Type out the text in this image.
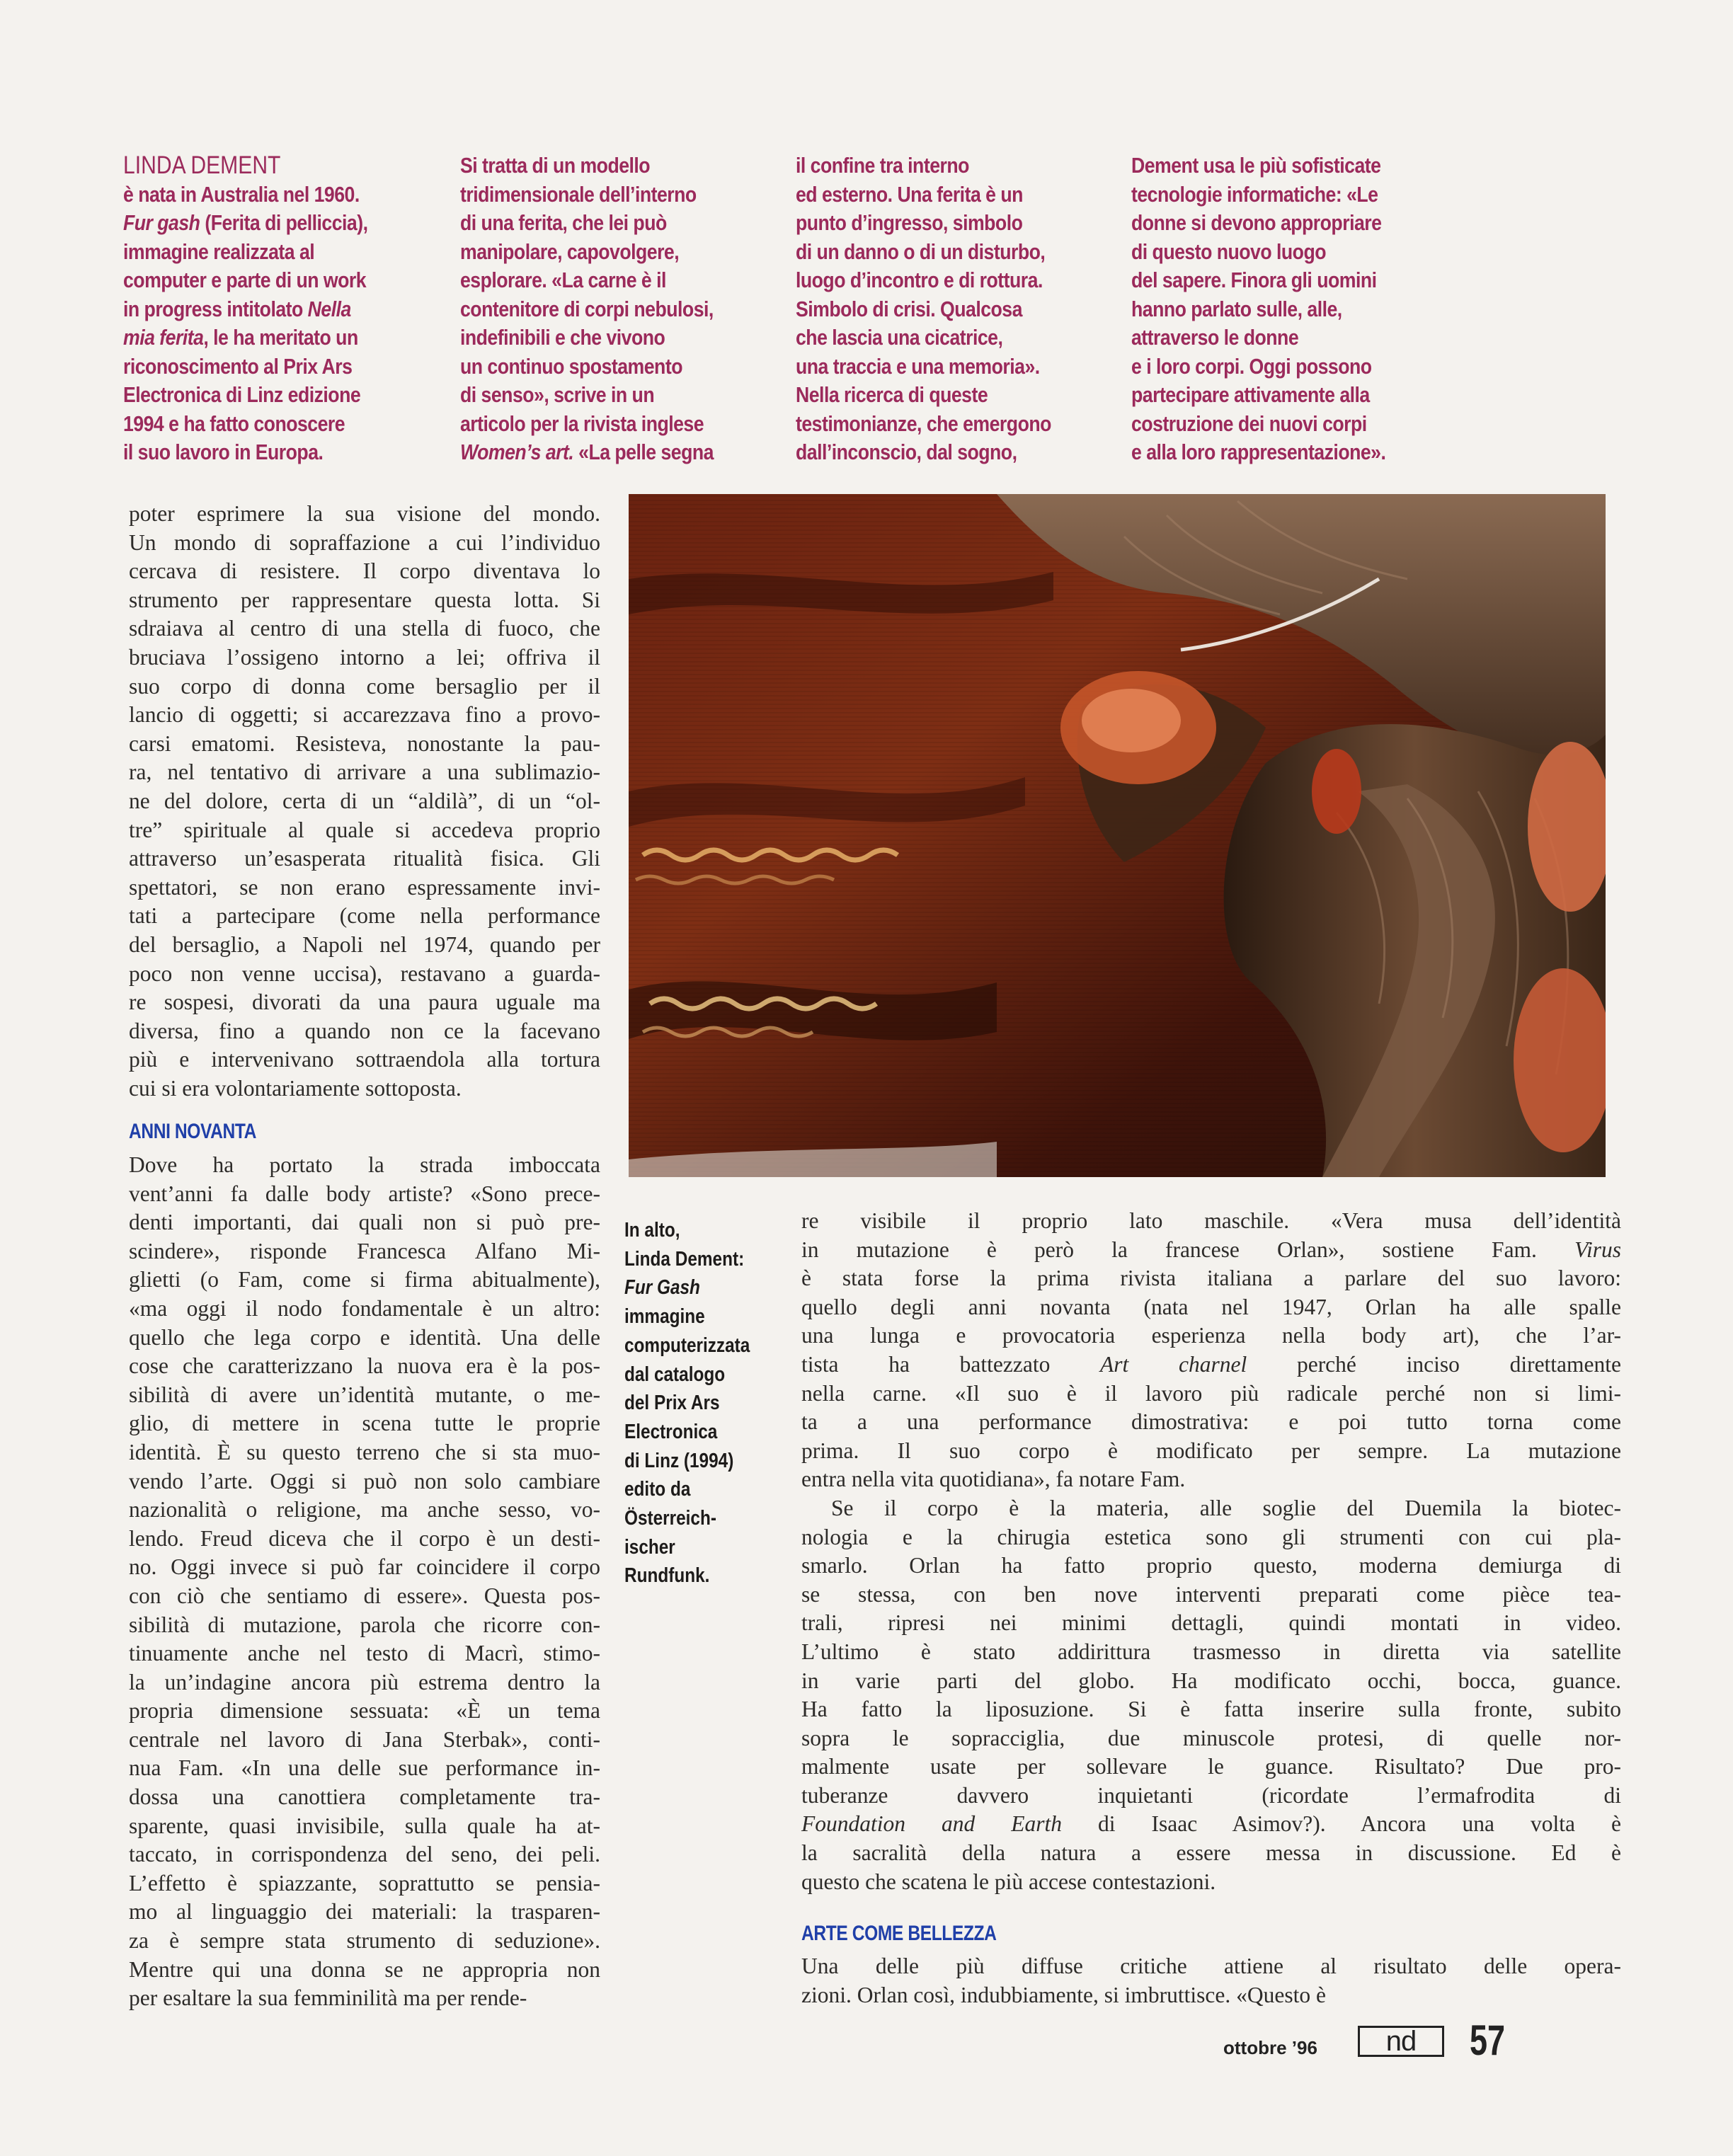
LINDA DEMENT

è nata in Australia nel 1960.

Fur gash (Ferita di pelliccia),

immagine realizzata al

computer e parte di un work

in progress intitolato Nella

mia ferita, le ha meritato un

riconoscimento al Prix Ars

Electronica di Linz edizione

1994 e ha fatto conoscere

il suo lavoro in Europa.

Si tratta di un modello

tridimensionale dell’interno

di una ferita, che lei può

manipolare, capovolgere,

esplorare. «La carne è il

contenitore di corpi nebulosi,

indefinibili e che vivono

un continuo spostamento

di senso», scrive in un

articolo per la rivista inglese

Women’s art. «La pelle segna

il confine tra interno

ed esterno. Una ferita è un

punto d’ingresso, simbolo

di un danno o di un disturbo,

luogo d’incontro e di rottura.

Simbolo di crisi. Qualcosa

che lascia una cicatrice,

una traccia e una memoria».

Nella ricerca di queste

testimonianze, che emergono

dall’inconscio, dal sogno,

Dement usa le più sofisticate

tecnologie informatiche: «Le

donne si devono appropriare

di questo nuovo luogo

del sapere. Finora gli uomini

hanno parlato sulle, alle,

attraverso le donne

e i loro corpi. Oggi possono

partecipare attivamente alla

costruzione dei nuovi corpi

e alla loro rappresentazione».

poter esprimere la sua visione del mondo.

Un mondo di sopraffazione a cui l’individuo

cercava di resistere. Il corpo diventava lo

strumento per rappresentare questa lotta. Si

sdraiava al centro di una stella di fuoco, che

bruciava l’ossigeno intorno a lei; offriva il

suo corpo di donna come bersaglio per il

lancio di oggetti; si accarezzava fino a provo-

carsi ematomi. Resisteva, nonostante la pau-

ra, nel tentativo di arrivare a una sublimazio-

ne del dolore, certa di un “aldilà”, di un “ol-

tre” spirituale al quale si accedeva proprio

attraverso un’esasperata ritualità fisica. Gli

spettatori, se non erano espressamente invi-

tati a partecipare (come nella performance

del bersaglio, a Napoli nel 1974, quando per

poco non venne uccisa), restavano a guarda-

re sospesi, divorati da una paura uguale ma

diversa, fino a quando non ce la facevano

più e intervenivano sottraendola alla tortura

cui si era volontariamente sottoposta.

ANNI NOVANTA

Dove ha portato la strada imboccata

vent’anni fa dalle body artiste? «Sono prece-

denti importanti, dai quali non si può pre-

scindere», risponde Francesca Alfano Mi-

glietti (o Fam, come si firma abitualmente),

«ma oggi il nodo fondamentale è un altro:

quello che lega corpo e identità. Una delle

cose che caratterizzano la nuova era è la pos-

sibilità di avere un’identità mutante, o me-

glio, di mettere in scena tutte le proprie

identità. È su questo terreno che si sta muo-

vendo l’arte. Oggi si può non solo cambiare

nazionalità o religione, ma anche sesso, vo-

lendo. Freud diceva che il corpo è un desti-

no. Oggi invece si può far coincidere il corpo

con ciò che sentiamo di essere». Questa pos-

sibilità di mutazione, parola che ricorre con-

tinuamente anche nel testo di Macrì, stimo-

la un’indagine ancora più estrema dentro la

propria dimensione sessuata: «È un tema

centrale nel lavoro di Jana Sterbak», conti-

nua Fam. «In una delle sue performance in-

dossa una canottiera completamente tra-

sparente, quasi invisibile, sulla quale ha at-

taccato, in corrispondenza del seno, dei peli.

L’effetto è spiazzante, soprattutto se pensia-

mo al linguaggio dei materiali: la trasparen-

za è sempre stata strumento di seduzione».

Mentre qui una donna se ne appropria non

per esaltare la sua femminilità ma per rende-

In alto,

Linda Dement:

Fur Gash

immagine

computerizzata

dal catalogo

del Prix Ars

Electronica

di Linz (1994)

edito da

Österreich-

ischer

Rundfunk.

re visibile il proprio lato maschile. «Vera musa dell’identità

in mutazione è però la francese Orlan», sostiene Fam. Virus

è stata forse la prima rivista italiana a parlare del suo lavoro:

quello degli anni novanta (nata nel 1947, Orlan ha alle spalle

una lunga e provocatoria esperienza nella body art), che l’ar-

tista ha battezzato Art charnel perché inciso direttamente

nella carne. «Il suo è il lavoro più radicale perché non si limi-

ta a una performance dimostrativa: e poi tutto torna come

prima. Il suo corpo è modificato per sempre. La mutazione

entra nella vita quotidiana», fa notare Fam.

Se il corpo è la materia, alle soglie del Duemila la biotec-

nologia e la chirugia estetica sono gli strumenti con cui pla-

smarlo. Orlan ha fatto proprio questo, moderna demiurga di

se stessa, con ben nove interventi preparati come pièce tea-

trali, ripresi nei minimi dettagli, quindi montati in video.

L’ultimo è stato addirittura trasmesso in diretta via satellite

in varie parti del globo. Ha modificato occhi, bocca, guance.

Ha fatto la liposuzione. Si è fatta inserire sulla fronte, subito

sopra le sopracciglia, due minuscole protesi, di quelle nor-

malmente usate per sollevare le guance. Risultato? Due pro-

tuberanze davvero inquietanti (ricordate l’ermafrodita di

Foundation and Earth di Isaac Asimov?). Ancora una volta è

la sacralità della natura a essere messa in discussione. Ed è

questo che scatena le più accese contestazioni.

ARTE COME BELLEZZA

Una delle più diffuse critiche attiene al risultato delle opera-

zioni. Orlan così, indubbiamente, si imbruttisce. «Questo è

ottobre ’96	nd	57
